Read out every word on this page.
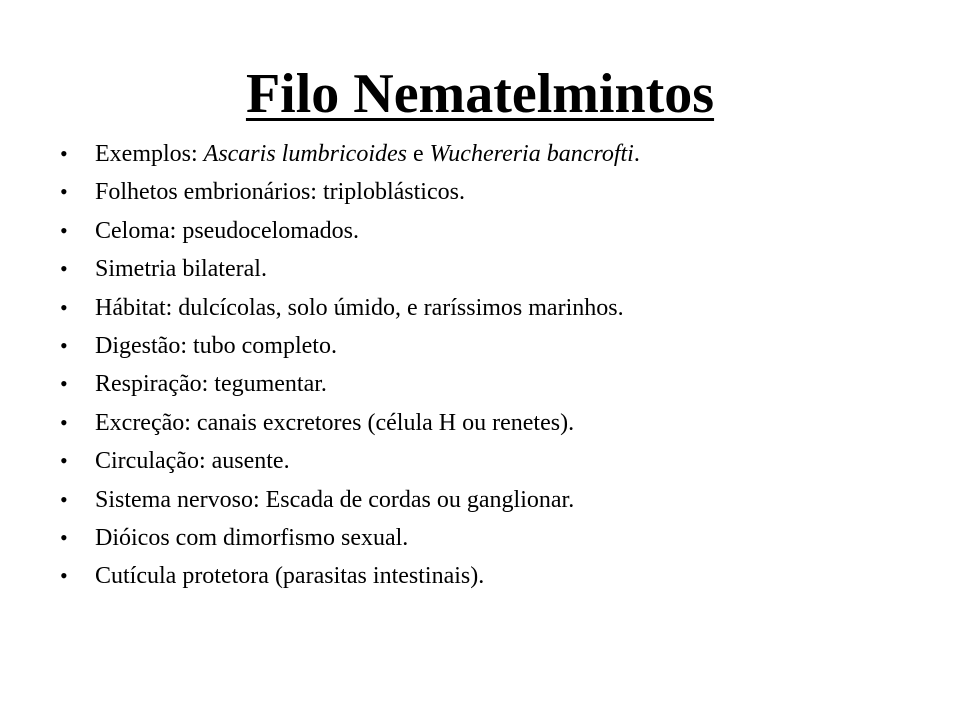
Filo Nematelmintos
• Exemplos: Ascaris lumbricoides e Wuchereria bancrofti.
• Folhetos embrionários: triploblásticos.
• Celoma: pseudocelomados.
• Simetria bilateral.
• Hábitat: dulcícolas, solo úmido, e raríssimos marinhos.
• Digestão: tubo completo.
• Respiração: tegumentar.
• Excreção: canais excretores (célula H ou renetes).
• Circulação: ausente.
• Sistema nervoso: Escada de cordas ou ganglionar.
• Dióicos com dimorfismo sexual.
• Cutícula protetora (parasitas intestinais).
